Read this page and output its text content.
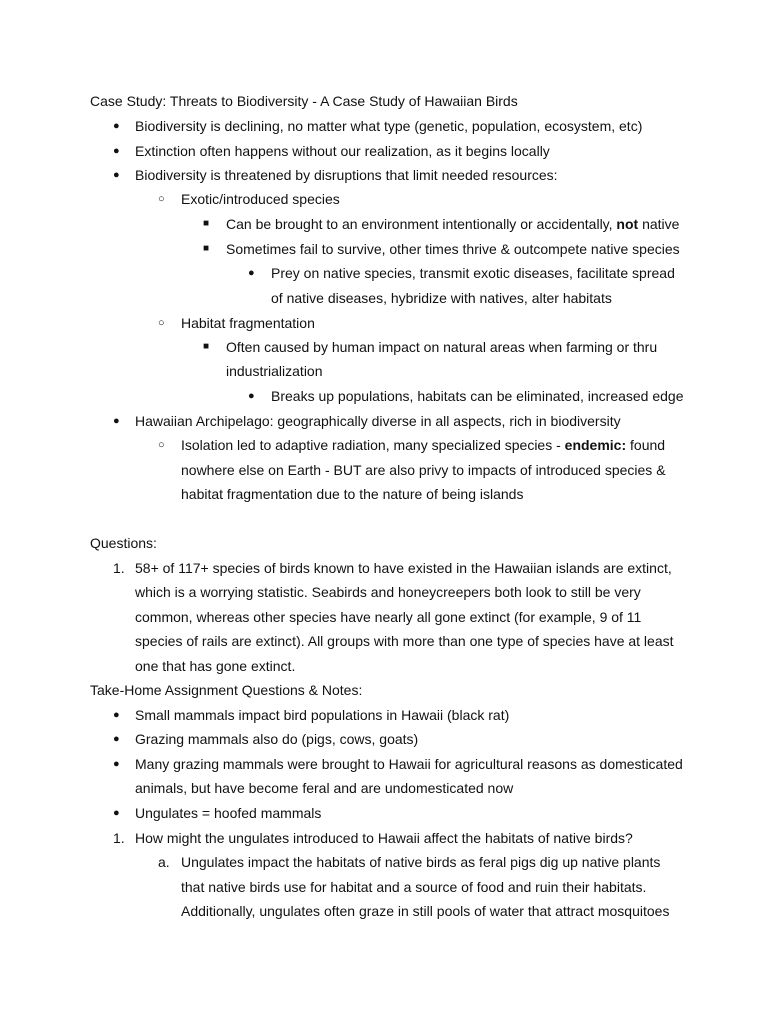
Case Study: Threats to Biodiversity - A Case Study of Hawaiian Birds
● Biodiversity is declining, no matter what type (genetic, population, ecosystem, etc)
● Extinction often happens without our realization, as it begins locally
● Biodiversity is threatened by disruptions that limit needed resources:
○ Exotic/introduced species
■ Can be brought to an environment intentionally or accidentally, not native
■ Sometimes fail to survive, other times thrive & outcompete native species
● Prey on native species, transmit exotic diseases, facilitate spread
of native diseases, hybridize with natives, alter habitats
○ Habitat fragmentation
■ Often caused by human impact on natural areas when farming or thru
industrialization
● Breaks up populations, habitats can be eliminated, increased edge
● Hawaiian Archipelago: geographically diverse in all aspects, rich in biodiversity
○ Isolation led to adaptive radiation, many specialized species - endemic: found
nowhere else on Earth - BUT are also privy to impacts of introduced species &
habitat fragmentation due to the nature of being islands
Questions:
1. 58+ of 117+ species of birds known to have existed in the Hawaiian islands are extinct,
which is a worrying statistic. Seabirds and honeycreepers both look to still be very
common, whereas other species have nearly all gone extinct (for example, 9 of 11
species of rails are extinct). All groups with more than one type of species have at least
one that has gone extinct.
Take-Home Assignment Questions & Notes:
● Small mammals impact bird populations in Hawaii (black rat)
● Grazing mammals also do (pigs, cows, goats)
● Many grazing mammals were brought to Hawaii for agricultural reasons as domesticated
animals, but have become feral and are undomesticated now
● Ungulates = hoofed mammals
1. How might the ungulates introduced to Hawaii affect the habitats of native birds?
a. Ungulates impact the habitats of native birds as feral pigs dig up native plants
that native birds use for habitat and a source of food and ruin their habitats.
Additionally, ungulates often graze in still pools of water that attract mosquitoes
